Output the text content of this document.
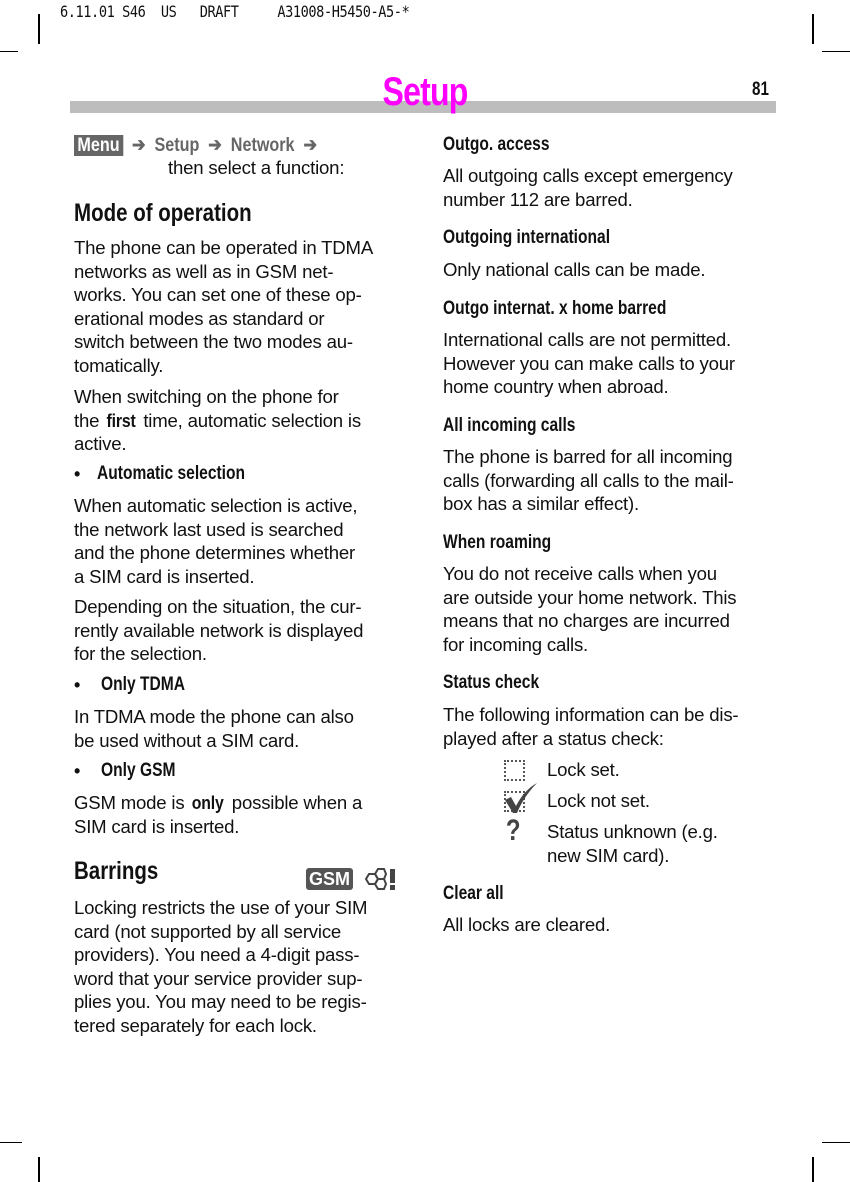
6.11.01 S46  US   DRAFT     A31008-H5450-A5-*
Setup	81
Menu ➔ Setup ➔ Network ➔
then select a function:
Mode of operation
The phone can be operated in TDMA
networks as well as in GSM net-
works. You can set one of these op-
erational modes as standard or
switch between the two modes au-
tomatically.
When switching on the phone for
the first time, automatic selection is
active.
• Automatic selection
When automatic selection is active,
the network last used is searched
and the phone determines whether
a SIM card is inserted.
Depending on the situation, the cur-
rently available network is displayed
for the selection.
• Only TDMA
In TDMA mode the phone can also
be used without a SIM card.
• Only GSM
GSM mode is only possible when a
SIM card is inserted.
Barrings	GSM
Locking restricts the use of your SIM
card (not supported by all service
providers). You need a 4-digit pass-
word that your service provider sup-
plies you. You may need to be regis-
tered separately for each lock.
Outgo. access
All outgoing calls except emergency
number 112 are barred.
Outgoing international
Only national calls can be made.
Outgo internat. x home barred
International calls are not permitted.
However you can make calls to your
home country when abroad.
All incoming calls
The phone is barred for all incoming
calls (forwarding all calls to the mail-
box has a similar effect).
When roaming
You do not receive calls when you
are outside your home network. This
means that no charges are incurred
for incoming calls.
Status check
The following information can be dis-
played after a status check:
Lock set.
Lock not set.
? Status unknown (e.g.
new SIM card).
Clear all
All locks are cleared.
